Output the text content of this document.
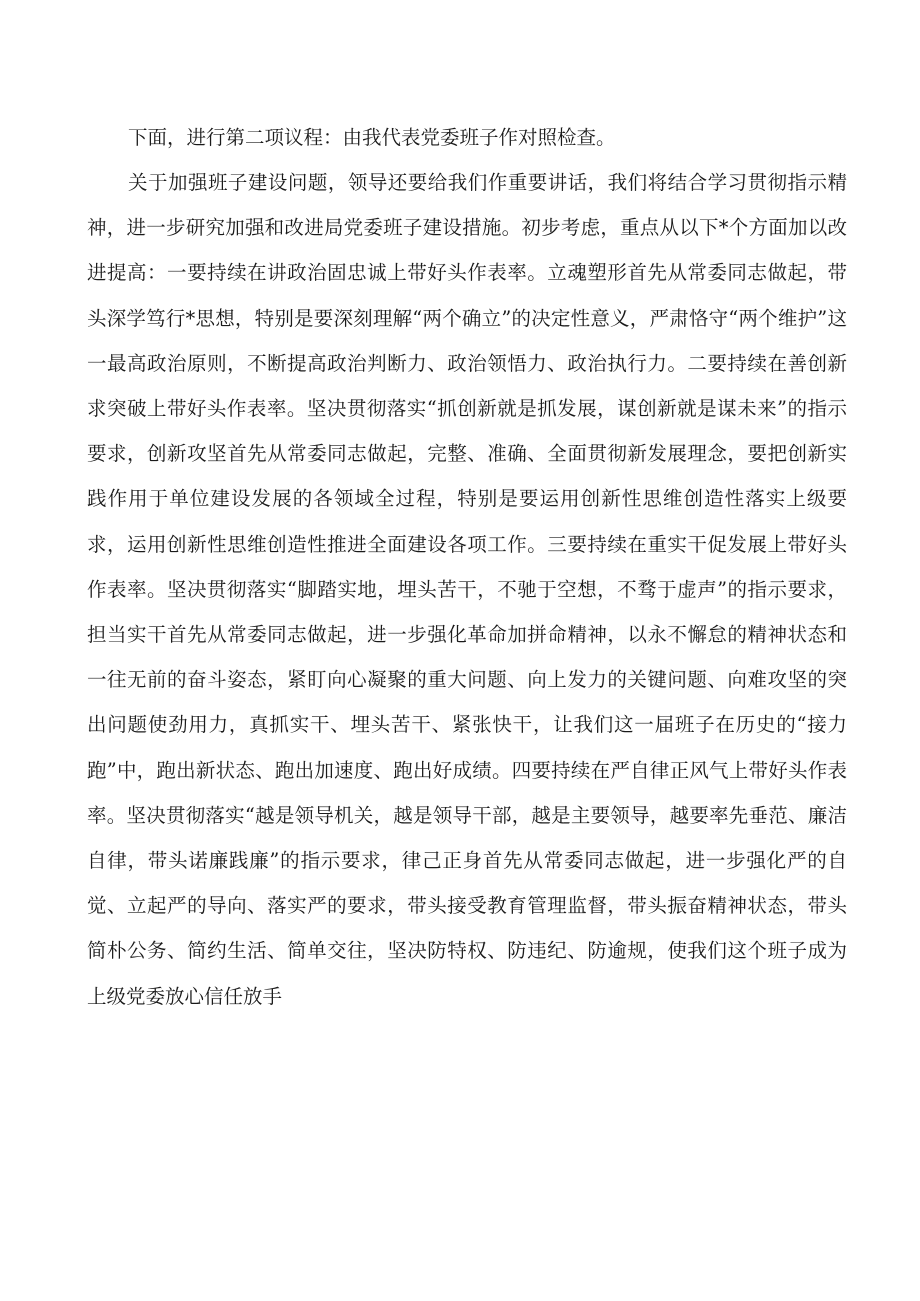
下面，进行第二项议程：由我代表党委班子作对照检查。

关于加强班子建设问题，领导还要给我们作重要讲话，我们将结合学习贯彻指示精神，进一步研究加强和改进局党委班子建设措施。初步考虑，重点从以下*个方面加以改进提高：一要持续在讲政治固忠诚上带好头作表率。立魂塑形首先从常委同志做起，带头深学笃行*思想，特别是要深刻理解“两个确立”的决定性意义，严肃恪守“两个维护”这一最高政治原则，不断提高政治判断力、政治领悟力、政治执行力。二要持续在善创新求突破上带好头作表率。坚决贯彻落实“抓创新就是抓发展，谋创新就是谋未来”的指示要求，创新攻坚首先从常委同志做起，完整、准确、全面贯彻新发展理念，要把创新实践作用于单位建设发展的各领域全过程，特别是要运用创新性思维创造性落实上级要求，运用创新性思维创造性推进全面建设各项工作。三要持续在重实干促发展上带好头作表率。坚决贯彻落实“脚踏实地，埋头苦干，不驰于空想，不骛于虚声”的指示要求，担当实干首先从常委同志做起，进一步强化革命加拼命精神，以永不懈怠的精神状态和一往无前的奋斗姿态，紧盯向心凝聚的重大问题、向上发力的关键问题、向难攻坚的突出问题使劲用力，真抓实干、埋头苦干、紧张快干，让我们这一届班子在历史的“接力跑”中，跑出新状态、跑出加速度、跑出好成绩。四要持续在严自律正风气上带好头作表率。坚决贯彻落实“越是领导机关，越是领导干部，越是主要领导，越要率先垂范、廉洁自律，带头诺廉践廉”的指示要求，律己正身首先从常委同志做起，进一步强化严的自觉、立起严的导向、落实严的要求，带头接受教育管理监督，带头振奋精神状态，带头简朴公务、简约生活、简单交往，坚决防特权、防违纪、防逾规，使我们这个班子成为上级党委放心信任放手
